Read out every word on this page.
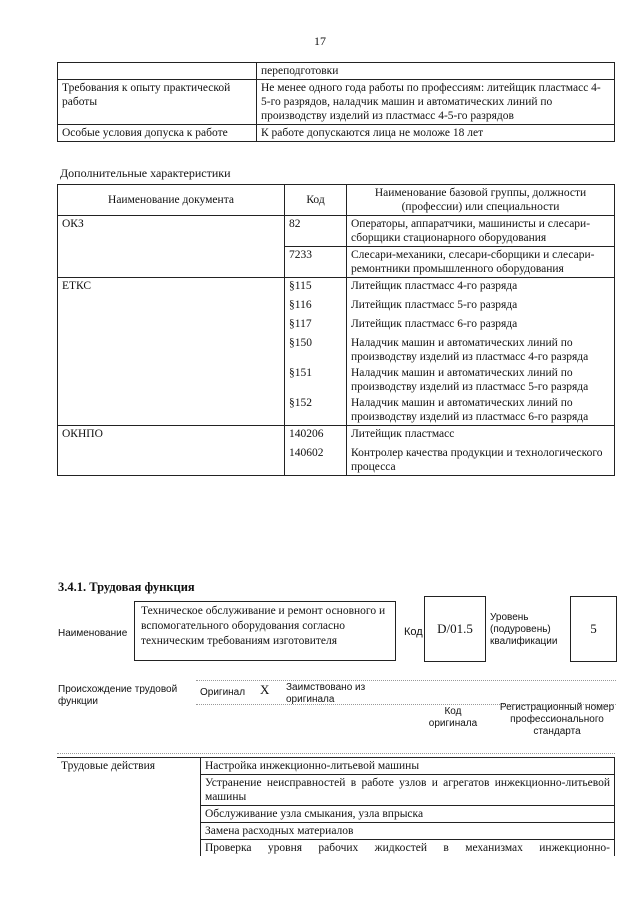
17
	переподготовки
Требования к опыту практической работы	Не менее одного года работы по профессиям: литейщик пластмасс 4-5-го разрядов, наладчик машин и автоматических линий по производству изделий из пластмасс 4-5-го разрядов
Особые условия допуска к работе	К работе допускаются лица не моложе 18 лет
Дополнительные характеристики
Наименование документа	Код	Наименование базовой группы, должности (профессии) или специальности
ОКЗ	82	Операторы, аппаратчики, машинисты и слесари-сборщики стационарного оборудования
	7233	Слесари-механики, слесари-сборщики и слесари-ремонтники промышленного оборудования
ЕТКС	§115	Литейщик пластмасс 4-го разряда
	§116	Литейщик пластмасс 5-го разряда
	§117	Литейщик пластмасс 6-го разряда
	§150	Наладчик машин и автоматических линий по производству изделий из пластмасс 4-го разряда
	§151	Наладчик машин и автоматических линий по производству изделий из пластмасс 5-го разряда
	§152	Наладчик машин и автоматических линий по производству изделий из пластмасс 6-го разряда
ОКНПО	140206	Литейщик пластмасс
	140602	Контролер качества продукции и технологического процесса
3.4.1. Трудовая функция
Наименование
Техническое обслуживание и ремонт основного и вспомогательного оборудования согласно техническим требованиям изготовителя
Код	D/01.5
Уровень (подуровень) квалификации
5
Происхождение трудовой функции
Оригинал X Заимствовано из оригинала
Код оригинала
Регистрационный номер профессионального стандарта
Трудовые действия	Настройка инжекционно-литьевой машины
Устранение неисправностей в работе узлов и агрегатов инжекционно-литьевой машины
Обслуживание узла смыкания, узла впрыска
Замена расходных материалов
Проверка уровня рабочих жидкостей в механизмах инжекционно-
